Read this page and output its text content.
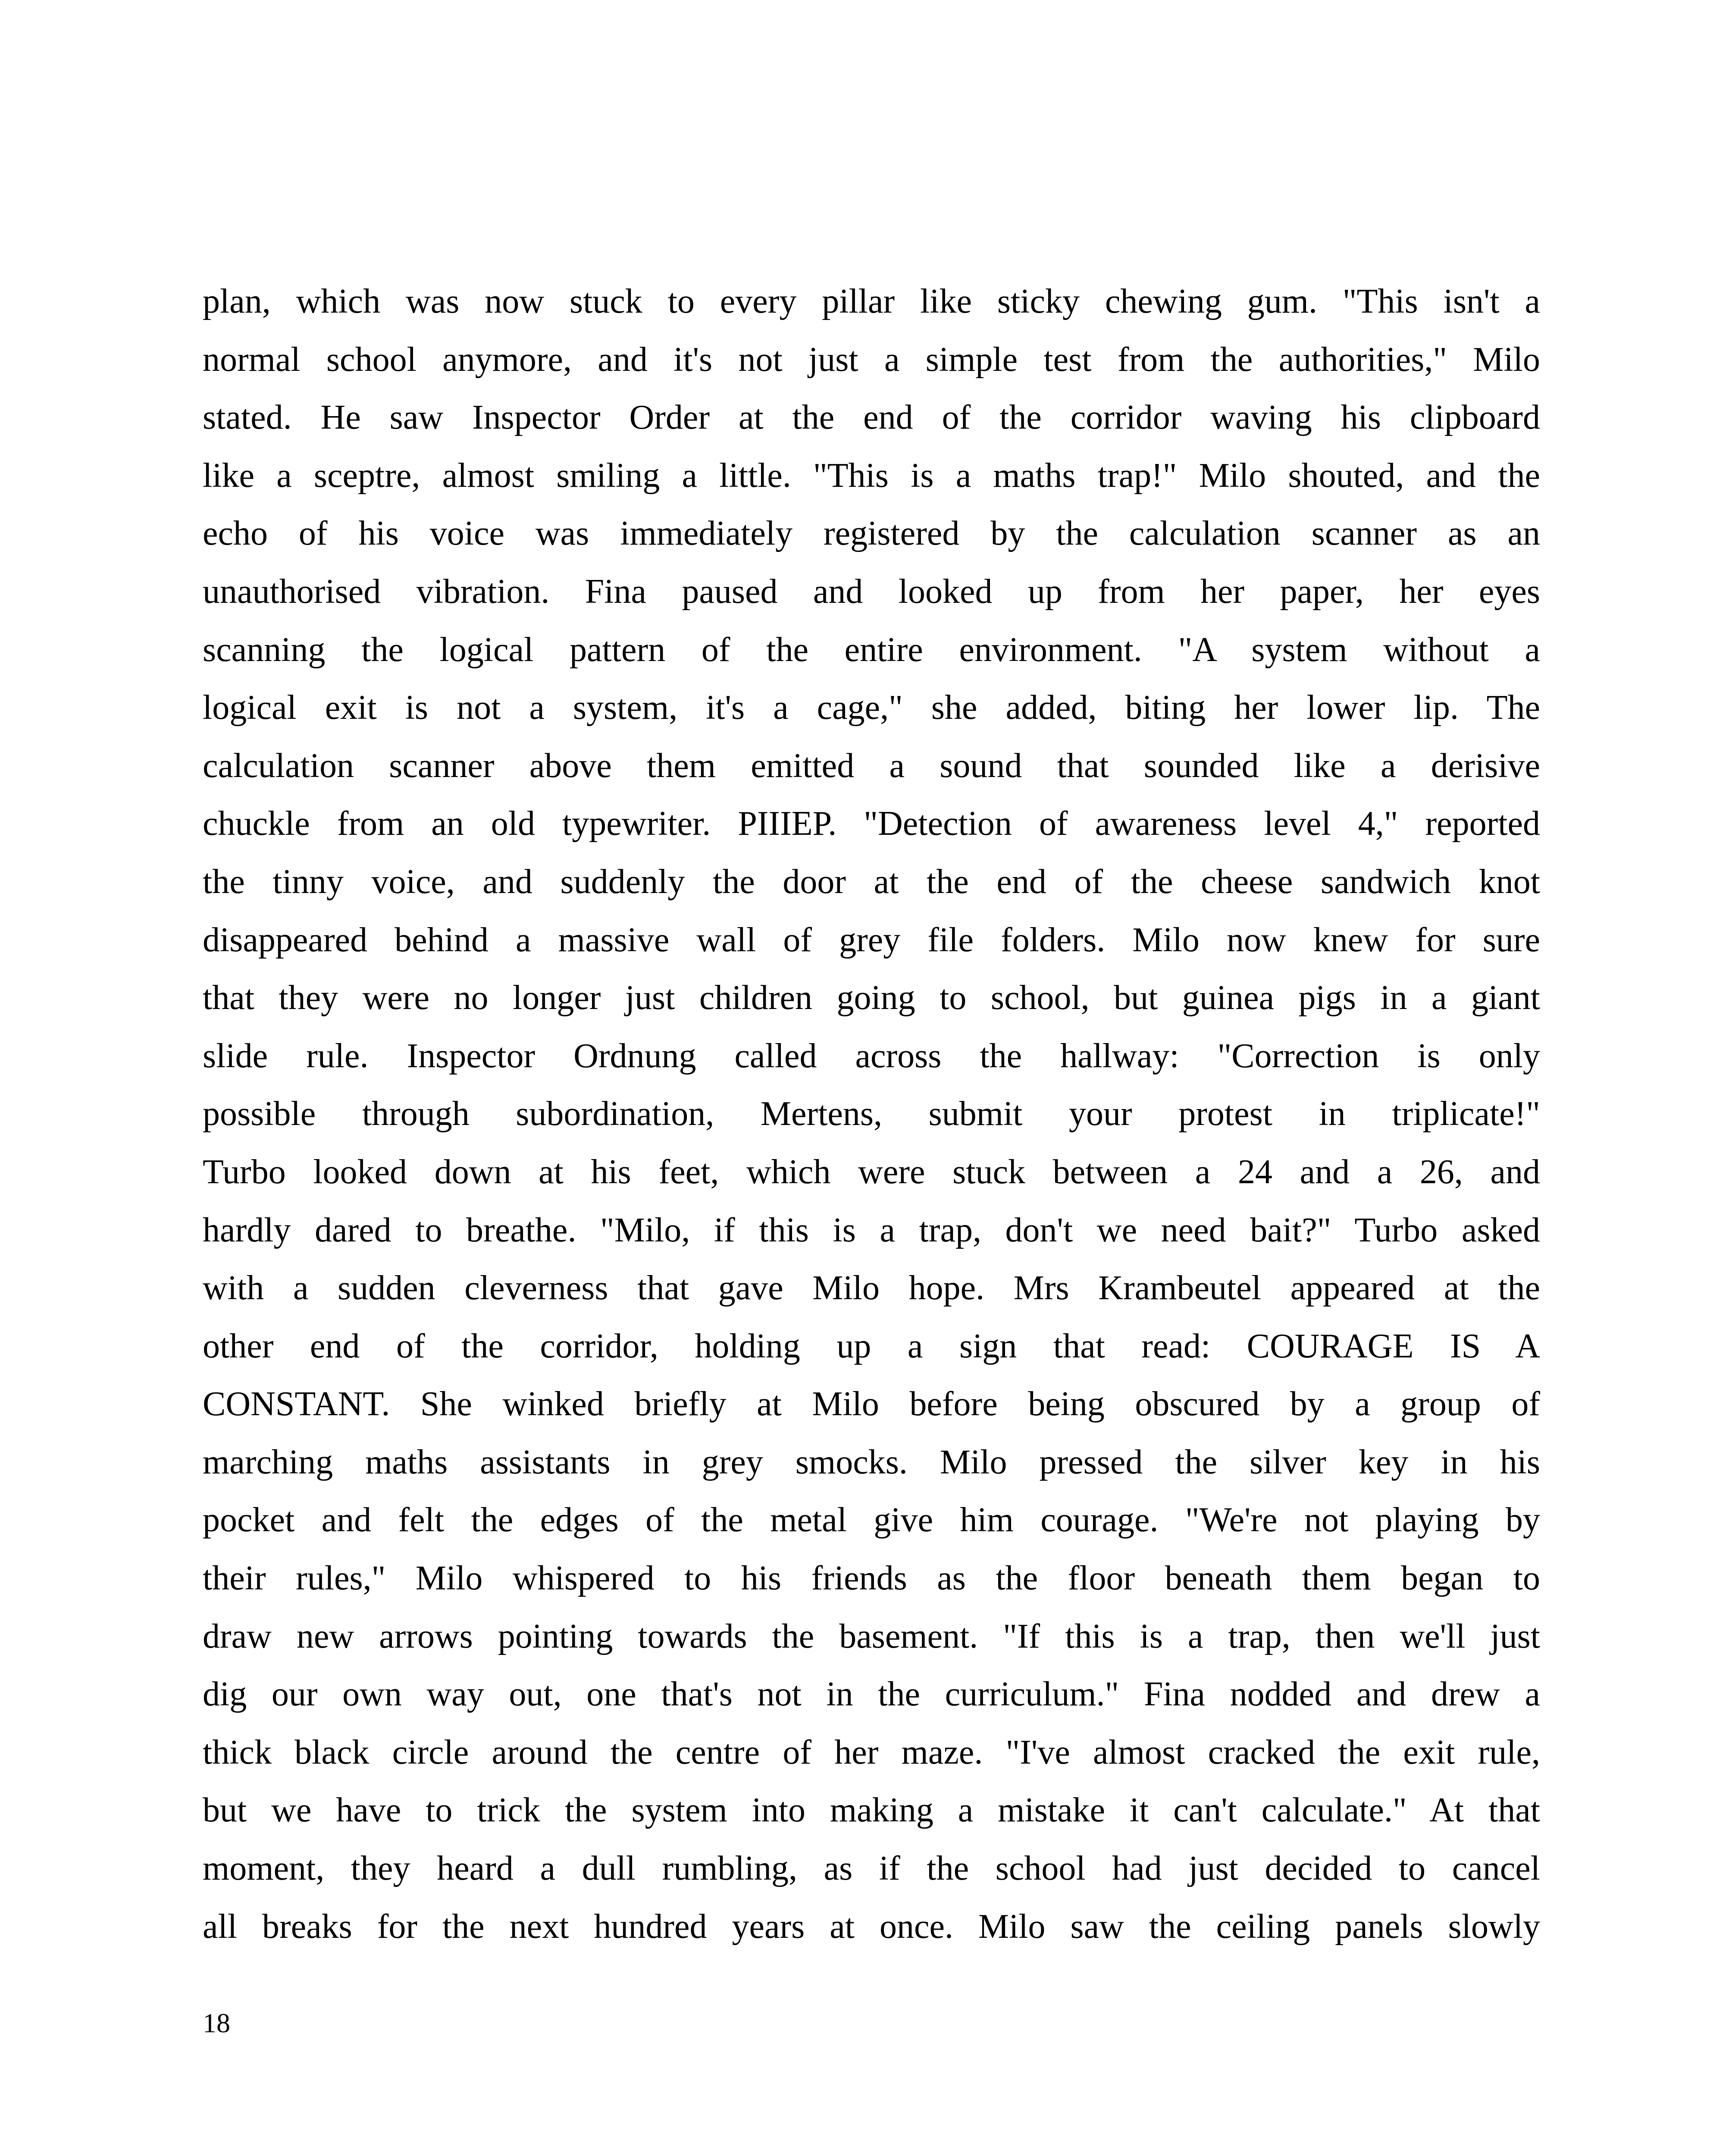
plan, which was now stuck to every pillar like sticky chewing gum. "This isn't a
normal school anymore, and it's not just a simple test from the authorities," Milo
stated. He saw Inspector Order at the end of the corridor waving his clipboard
like a sceptre, almost smiling a little. "This is a maths trap!" Milo shouted, and the
echo of his voice was immediately registered by the calculation scanner as an
unauthorised vibration. Fina paused and looked up from her paper, her eyes
scanning the logical pattern of the entire environment. "A system without a
logical exit is not a system, it's a cage," she added, biting her lower lip. The
calculation scanner above them emitted a sound that sounded like a derisive
chuckle from an old typewriter. PIIIEP. "Detection of awareness level 4," reported
the tinny voice, and suddenly the door at the end of the cheese sandwich knot
disappeared behind a massive wall of grey file folders. Milo now knew for sure
that they were no longer just children going to school, but guinea pigs in a giant
slide rule. Inspector Ordnung called across the hallway: "Correction is only
possible through subordination, Mertens, submit your protest in triplicate!"
Turbo looked down at his feet, which were stuck between a 24 and a 26, and
hardly dared to breathe. "Milo, if this is a trap, don't we need bait?" Turbo asked
with a sudden cleverness that gave Milo hope. Mrs Krambeutel appeared at the
other end of the corridor, holding up a sign that read: COURAGE IS A
CONSTANT. She winked briefly at Milo before being obscured by a group of
marching maths assistants in grey smocks. Milo pressed the silver key in his
pocket and felt the edges of the metal give him courage. "We're not playing by
their rules," Milo whispered to his friends as the floor beneath them began to
draw new arrows pointing towards the basement. "If this is a trap, then we'll just
dig our own way out, one that's not in the curriculum." Fina nodded and drew a
thick black circle around the centre of her maze. "I've almost cracked the exit rule,
but we have to trick the system into making a mistake it can't calculate." At that
moment, they heard a dull rumbling, as if the school had just decided to cancel
all breaks for the next hundred years at once. Milo saw the ceiling panels slowly
18
